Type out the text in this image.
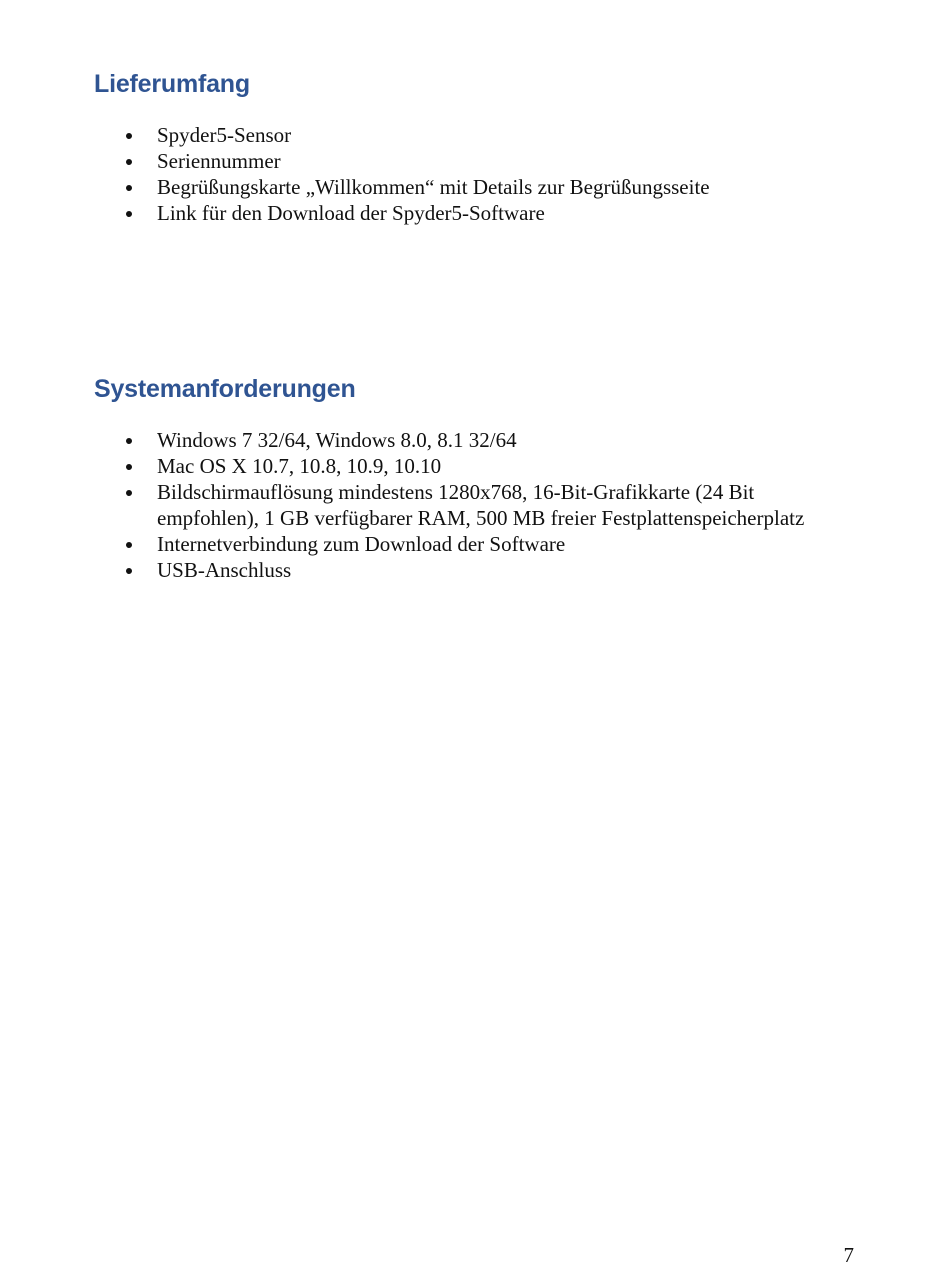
Lieferumfang
Spyder5-Sensor
Seriennummer
Begrüßungskarte „Willkommen“ mit Details zur Begrüßungsseite
Link für den Download der Spyder5-Software
Systemanforderungen
Windows 7 32/64, Windows 8.0, 8.1 32/64
Mac OS X 10.7, 10.8, 10.9, 10.10
Bildschirmauflösung mindestens 1280x768, 16-Bit-Grafikkarte (24 Bit empfohlen), 1 GB verfügbarer RAM, 500 MB freier Festplattenspeicherplatz
Internetverbindung zum Download der Software
USB-Anschluss
7
